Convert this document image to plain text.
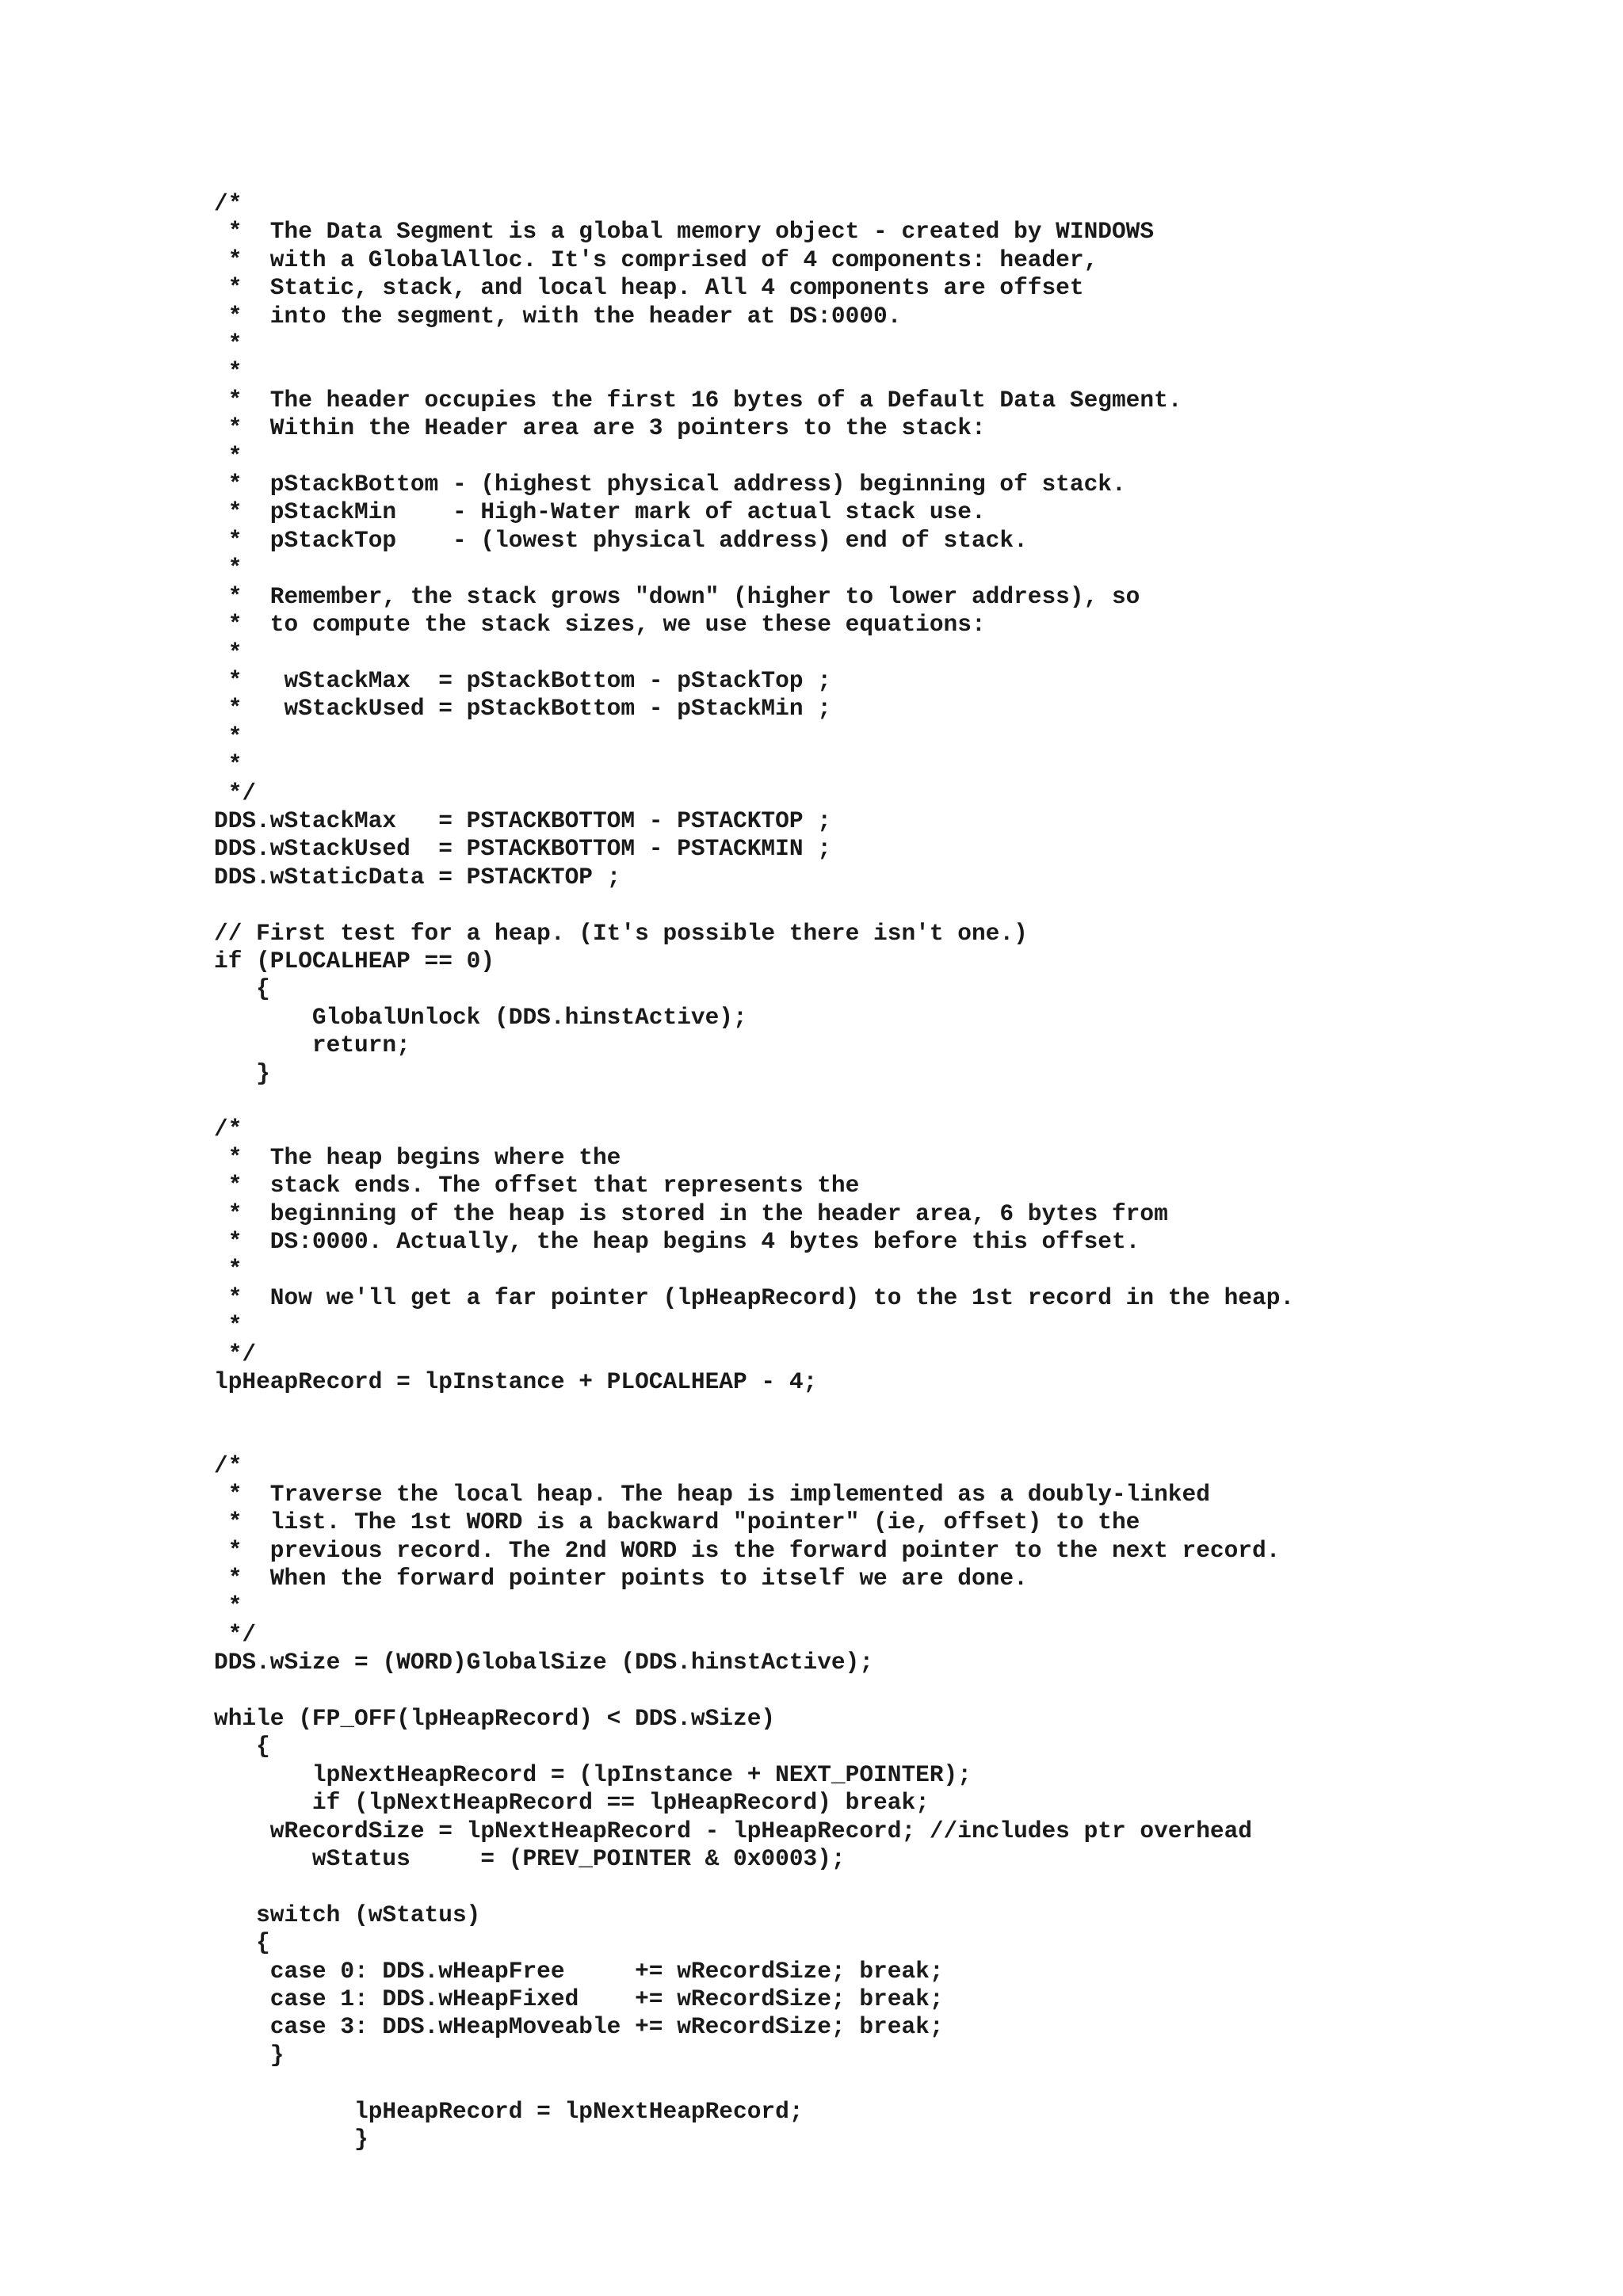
/*
*  The Data Segment is a global memory object - created by WINDOWS
*  with a GlobalAlloc. It's comprised of 4 components: header,
*  Static, stack, and local heap. All 4 components are offset
*  into the segment, with the header at DS:0000.
*
*
*  The header occupies the first 16 bytes of a Default Data Segment.
*  Within the Header area are 3 pointers to the stack:
*
*  pStackBottom - (highest physical address) beginning of stack.
*  pStackMin    - High-Water mark of actual stack use.
*  pStackTop    - (lowest physical address) end of stack.
*
*  Remember, the stack grows "down" (higher to lower address), so
*  to compute the stack sizes, we use these equations:
*
*   wStackMax  = pStackBottom - pStackTop ;
*   wStackUsed = pStackBottom - pStackMin ;
*
*
*/
DDS.wStackMax   = PSTACKBOTTOM - PSTACKTOP ;
DDS.wStackUsed  = PSTACKBOTTOM - PSTACKMIN ;
DDS.wStaticData = PSTACKTOP ;
// First test for a heap. (It's possible there isn't one.)
if (PLOCALHEAP == 0)
{
GlobalUnlock (DDS.hinstActive);
return;
}
/*
*  The heap begins where the
*  stack ends. The offset that represents the
*  beginning of the heap is stored in the header area, 6 bytes from
*  DS:0000. Actually, the heap begins 4 bytes before this offset.
*
*  Now we'll get a far pointer (lpHeapRecord) to the 1st record in the heap.
*
*/
lpHeapRecord = lpInstance + PLOCALHEAP - 4;
/*
*  Traverse the local heap. The heap is implemented as a doubly-linked
*  list. The 1st WORD is a backward "pointer" (ie, offset) to the
*  previous record. The 2nd WORD is the forward pointer to the next record.
*  When the forward pointer points to itself we are done.
*
*/
DDS.wSize = (WORD)GlobalSize (DDS.hinstActive);
while (FP_OFF(lpHeapRecord) < DDS.wSize)
{
lpNextHeapRecord = (lpInstance + NEXT_POINTER);
if (lpNextHeapRecord == lpHeapRecord) break;
wRecordSize = lpNextHeapRecord - lpHeapRecord; //includes ptr overhead
wStatus     = (PREV_POINTER & 0x0003);
switch (wStatus)
{
case 0: DDS.wHeapFree     += wRecordSize; break;
case 1: DDS.wHeapFixed    += wRecordSize; break;
case 3: DDS.wHeapMoveable += wRecordSize; break;
}
lpHeapRecord = lpNextHeapRecord;
}
